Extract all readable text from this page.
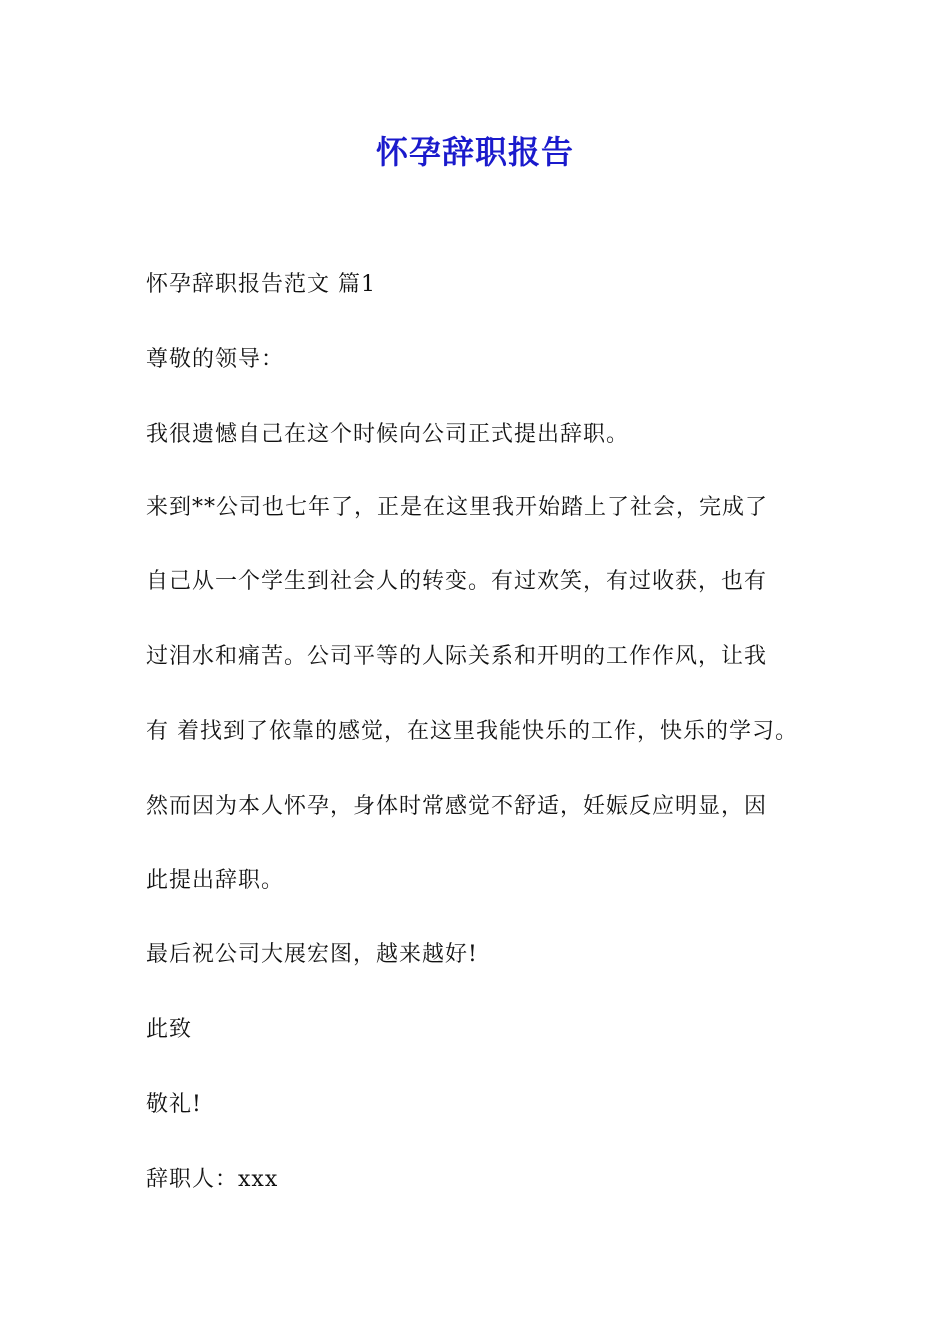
怀孕辞职报告
怀孕辞职报告范文 篇1
尊敬的领导：
我很遗憾自己在这个时候向公司正式提出辞职。
来到**公司也七年了，正是在这里我开始踏上了社会，完成了
自己从一个学生到社会人的转变。有过欢笑，有过收获，也有
过泪水和痛苦。公司平等的人际关系和开明的工作作风，让我
有 着找到了依靠的感觉，在这里我能快乐的工作，快乐的学习。
然而因为本人怀孕，身体时常感觉不舒适，妊娠反应明显，因
此提出辞职。
最后祝公司大展宏图，越来越好!
此致
敬礼!
辞职人：xxx
